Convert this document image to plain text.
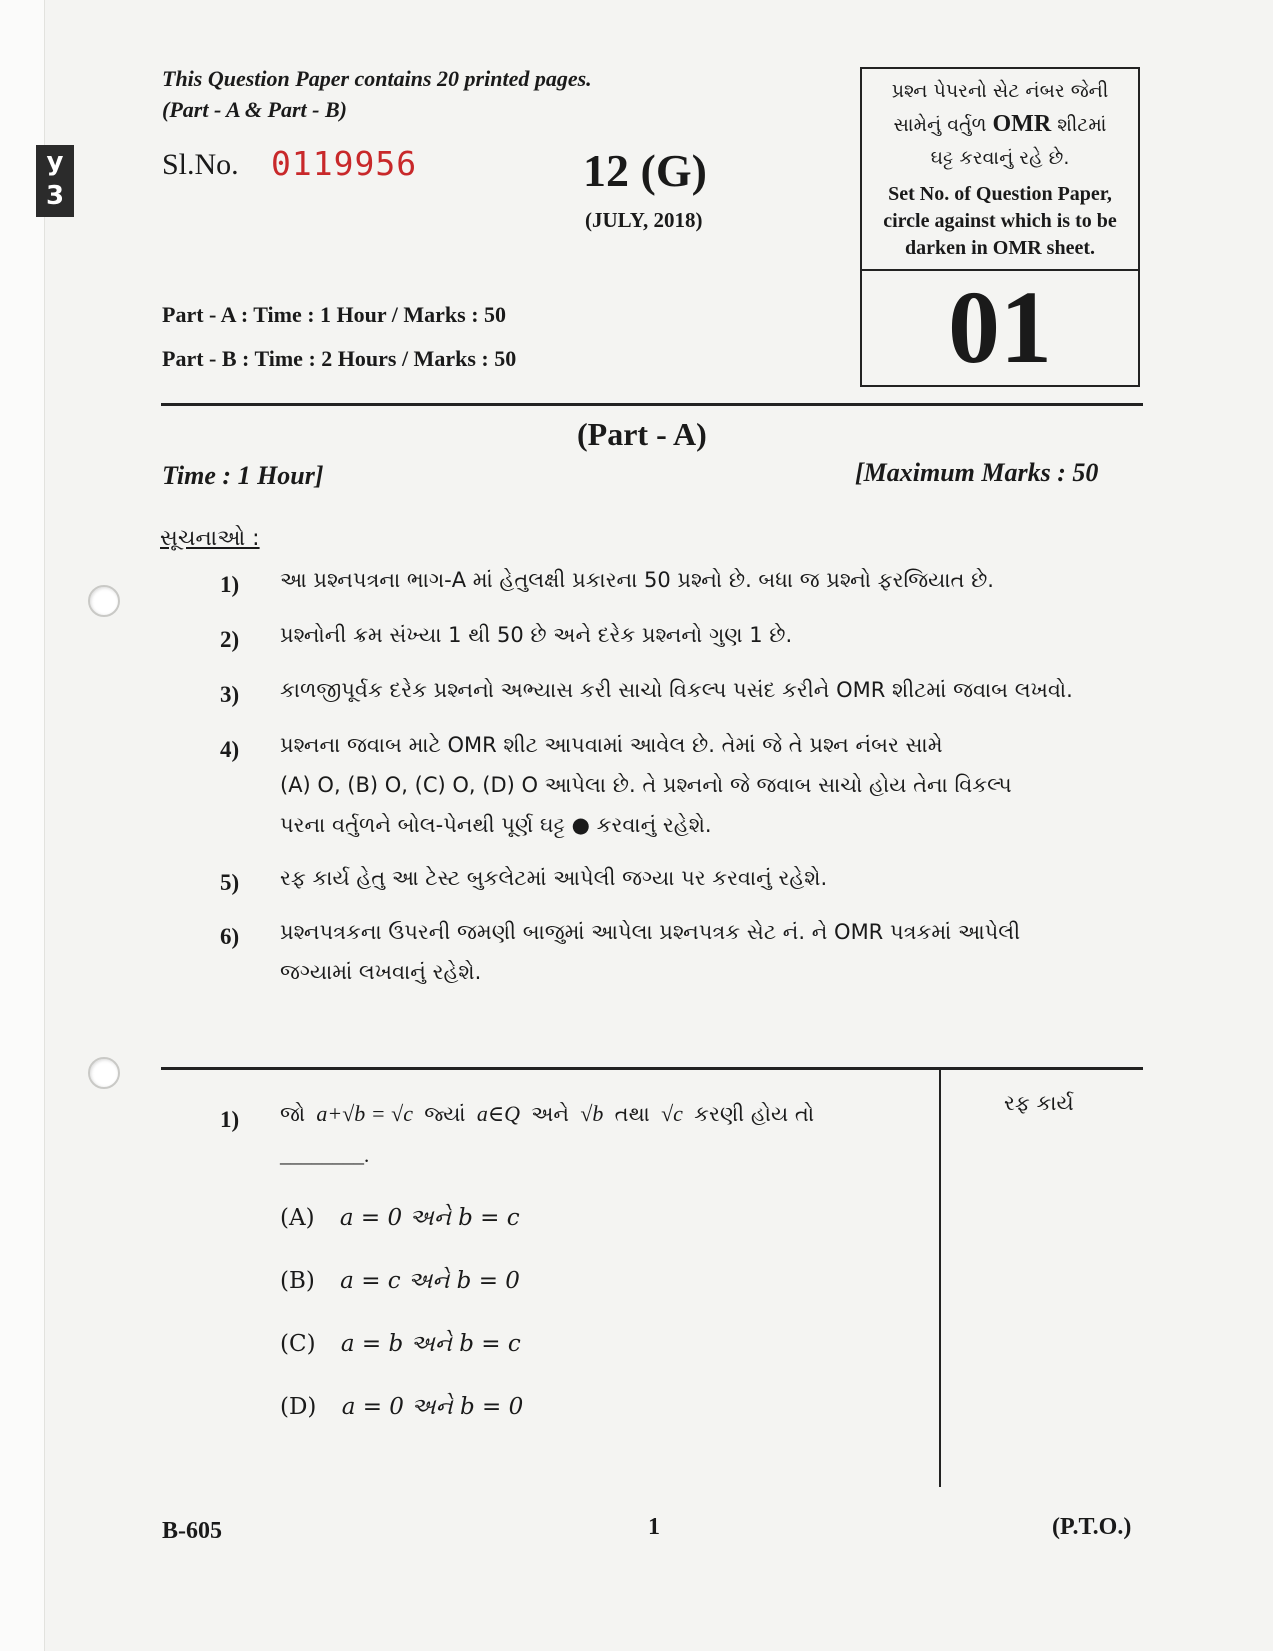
y 3
This Question Paper contains 20 printed pages.
(Part - A & Part - B)
Sl.No. 0119956	12 (G)
(JULY, 2018)
Part - A : Time : 1 Hour / Marks : 50
Part - B : Time : 2 Hours / Marks : 50
પ્રશ્ન પેપરનો સેટ નંબર જેની
સામેનું વર્તુળ OMR શીટમાં
ઘટ્ટ કરવાનું રહે છે.
Set No. of Question Paper,
circle against which is to be
darken in OMR sheet.
01
(Part - A)
Time : 1 Hour]	[Maximum Marks : 50
સૂચનાઓ :
1)	આ પ્રશ્નપત્રના ભાગ-A માં હેતુલક્ષી પ્રકારના 50 પ્રશ્નો છે. બધા જ પ્રશ્નો ફરજિયાત છે.
2)	પ્રશ્નોની ક્રમ સંખ્યા 1 થી 50 છે અને દરેક પ્રશ્નનો ગુણ 1 છે.
3)	કાળજીપૂર્વક દરેક પ્રશ્નનો અભ્યાસ કરી સાચો વિકલ્પ પસંદ કરીને OMR શીટમાં જવાબ લખવો.
4)	પ્રશ્નના જવાબ માટે OMR શીટ આપવામાં આવેલ છે. તેમાં જે તે પ્રશ્ન નંબર સામે
(A) O, (B) O, (C) O, (D) O આપેલા છે. તે પ્રશ્નનો જે જવાબ સાચો હોય તેના વિકલ્પ
પરના વર્તુળને બોલ-પેનથી પૂર્ણ ઘટ્ટ ● કરવાનું રહેશે.
5)	રફ કાર્ય હેતુ આ ટેસ્ટ બુકલેટમાં આપેલી જગ્યા પર કરવાનું રહેશે.
6)	પ્રશ્નપત્રકના ઉપરની જમણી બાજુમાં આપેલા પ્રશ્નપત્રક સેટ નં. ને OMR પત્રકમાં આપેલી
જગ્યામાં લખવાનું રહેશે.
રફ કાર્ય
1)	જો a+√b = √c જ્યાં a∈Q અને √b તથા √c કરણી હોય તો
________.
(A) a = 0 અને b = c
(B) a = c અને b = 0
(C) a = b અને b = c
(D) a = 0 અને b = 0
B-605	1	(P.T.O.)
